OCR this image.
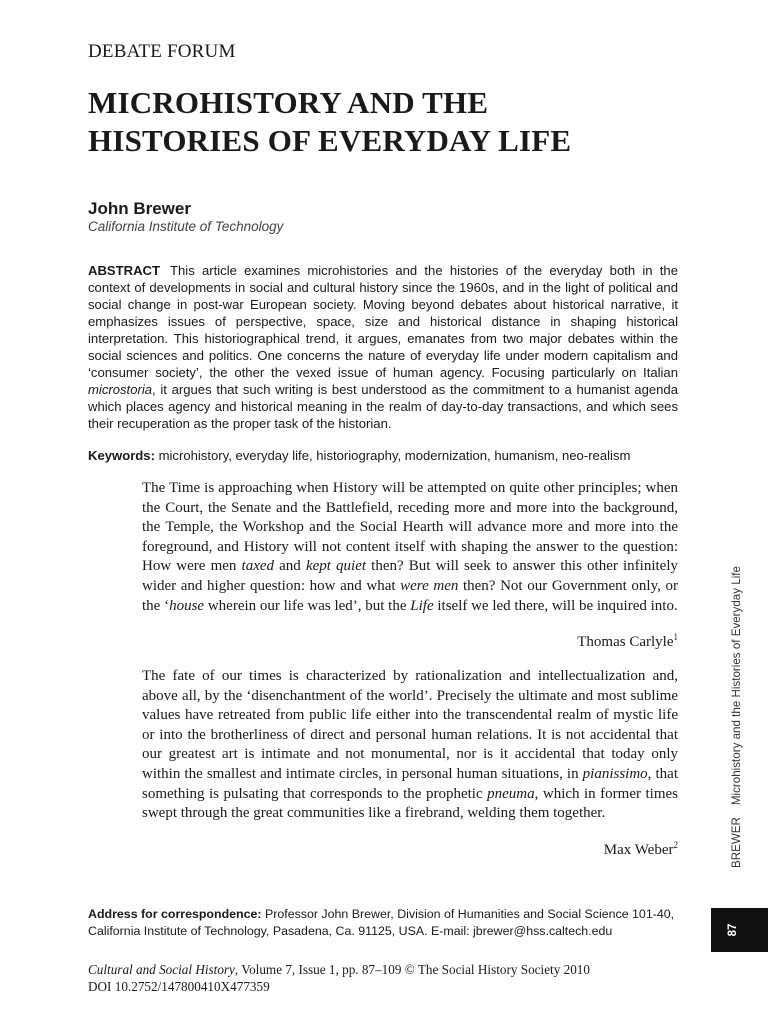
DEBATE FORUM
MICROHISTORY AND THE
HISTORIES OF EVERYDAY LIFE
John Brewer
California Institute of Technology
ABSTRACT This article examines microhistories and the histories of the everyday both in the context of developments in social and cultural history since the 1960s, and in the light of political and social change in post-war European society. Moving beyond debates about historical narrative, it emphasizes issues of perspective, space, size and historical distance in shaping historical interpretation. This historiographical trend, it argues, emanates from two major debates within the social sciences and politics. One concerns the nature of everyday life under modern capitalism and ‘consumer society’, the other the vexed issue of human agency. Focusing particularly on Italian microstoria, it argues that such writing is best understood as the commitment to a humanist agenda which places agency and historical meaning in the realm of day-to-day transactions, and which sees their recuperation as the proper task of the historian.
Keywords: microhistory, everyday life, historiography, modernization, humanism, neo-realism
The Time is approaching when History will be attempted on quite other principles; when the Court, the Senate and the Battlefield, receding more and more into the background, the Temple, the Workshop and the Social Hearth will advance more and more into the foreground, and History will not content itself with shaping the answer to the question: How were men taxed and kept quiet then? But will seek to answer this other infinitely wider and higher question: how and what were men then? Not our Government only, or the ‘house wherein our life was led’, but the Life itself we led there, will be inquired into.
Thomas Carlyle$^1$
The fate of our times is characterized by rationalization and intellectualization and, above all, by the ‘disenchantment of the world’. Precisely the ultimate and most sublime values have retreated from public life either into the transcendental realm of mystic life or into the brotherliness of direct and personal human relations. It is not accidental that our greatest art is intimate and not monumental, nor is it accidental that today only within the smallest and intimate circles, in personal human situations, in pianissimo, that something is pulsating that corresponds to the prophetic pneuma, which in former times swept through the great communities like a firebrand, welding them together.
Max Weber$^2$
Address for correspondence: Professor John Brewer, Division of Humanities and Social Science 101-40, California Institute of Technology, Pasadena, Ca. 91125, USA. E-mail: jbrewer@hss.caltech.edu
Cultural and Social History, Volume 7, Issue 1, pp. 87–109 © The Social History Society 2010
DOI 10.2752/147800410X477359
BREWERMicrohistory and the Histories of Everyday Life
87
